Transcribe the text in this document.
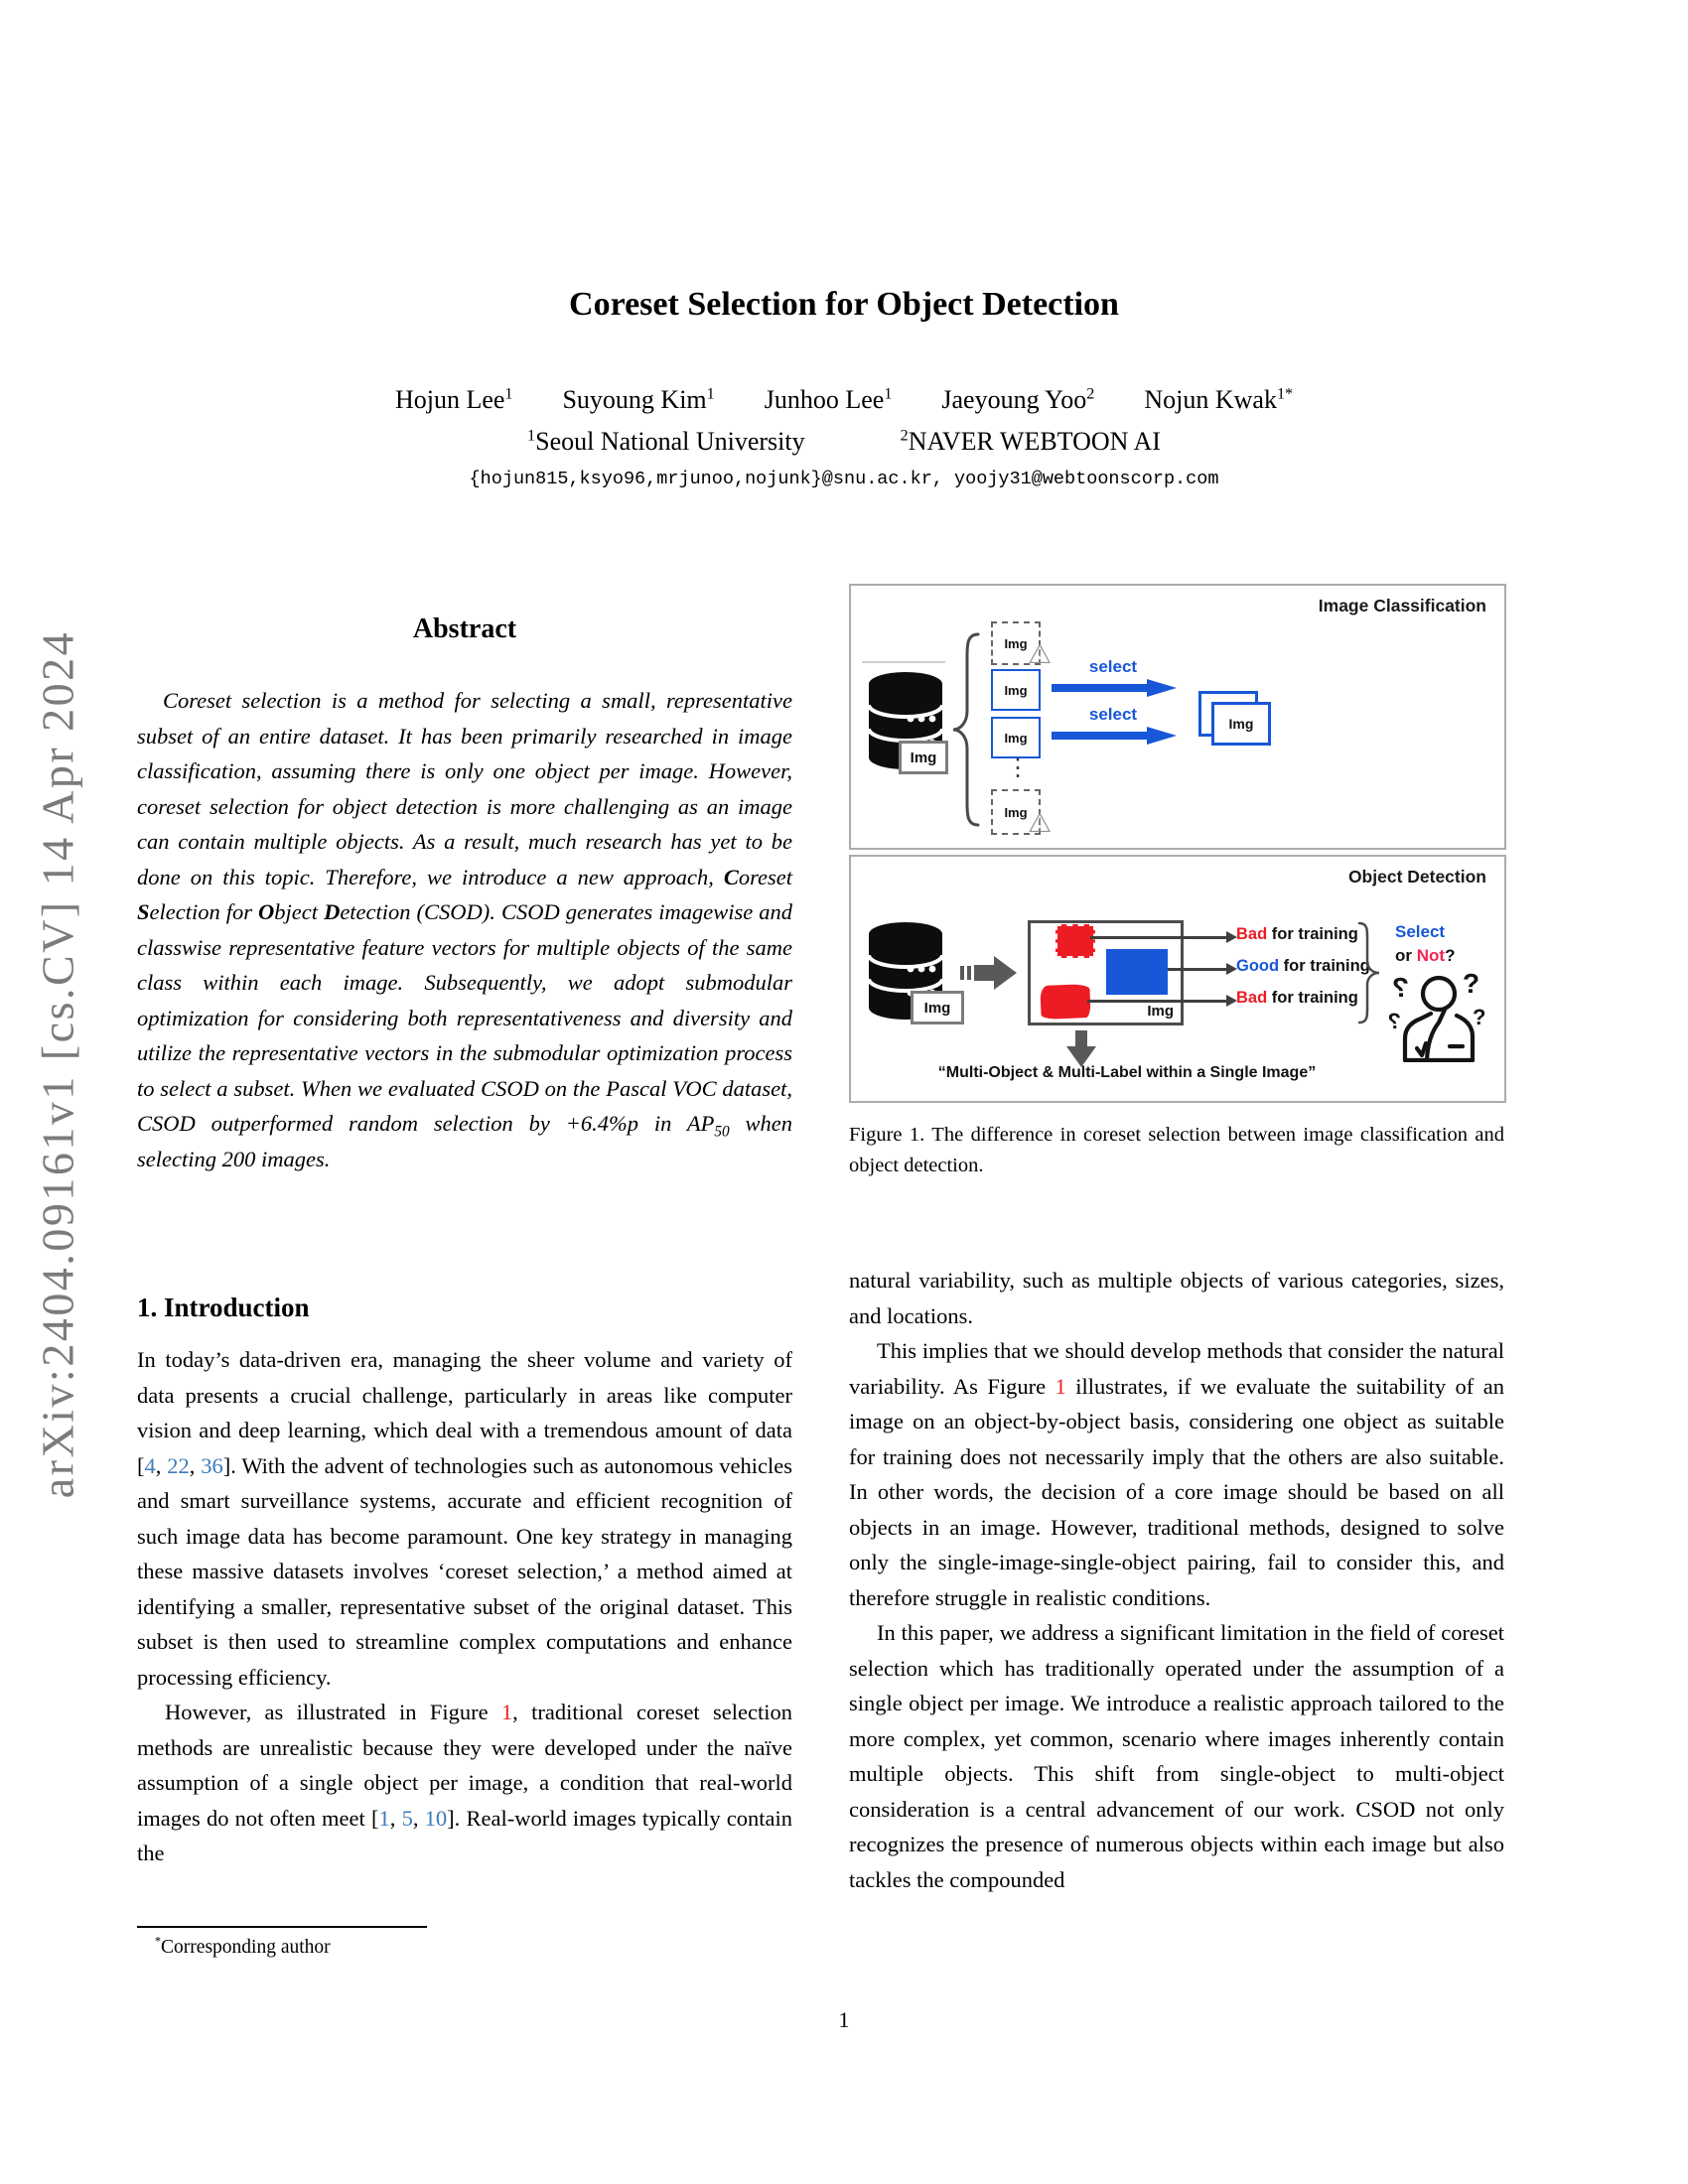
arXiv:2404.09161v1 [cs.CV] 14 Apr 2024
Coreset Selection for Object Detection
Hojun Lee$^1$ Suyoung Kim$^1$ Junhoo Lee$^1$ Jaeyoung Yoo$^2$ Nojun Kwak$^{1*}$
$^1$Seoul National University	$^2$NAVER WEBTOON AI
{hojun815,ksyo96,mrjunoo,nojunk}@snu.ac.kr, yoojy31@webtoonscorp.com
Abstract
Coreset selection is a method for selecting a small, representative subset of an entire dataset. It has been primarily researched in image classification, assuming there is only one object per image. However, coreset selection for object detection is more challenging as an image can contain multiple objects. As a result, much research has yet to be done on this topic. Therefore, we introduce a new approach, Coreset Selection for Object Detection (CSOD). CSOD generates imagewise and classwise representative feature vectors for multiple objects of the same class within each image. Subsequently, we adopt submodular optimization for considering both representativeness and diversity and utilize the representative vectors in the submodular optimization process to select a subset. When we evaluated CSOD on the Pascal VOC dataset, CSOD outperformed random selection by +6.4%p in $AP_{50}$ when selecting 200 images.
1. Introduction

In today’s data-driven era, managing the sheer volume and variety of data presents a crucial challenge, particularly in areas like computer vision and deep learning, which deal with a tremendous amount of data [4, 22, 36]. With the advent of technologies such as autonomous vehicles and smart surveillance systems, accurate and efficient recognition of such image data has become paramount. One key strategy in managing these massive datasets involves ‘coreset selection,’ a method aimed at identifying a smaller, representative subset of the original dataset. This subset is then used to streamline complex computations and enhance processing efficiency.

However, as illustrated in Figure 1, traditional coreset selection methods are unrealistic because they were developed under the naïve assumption of a single object per image, a condition that real-world images do not often meet [1, 5, 10]. Real-world images typically contain the

*Corresponding author
Image Classification
Img
Img
Img
Img
⋮
Img
⚠
⚠
select
select	Img
Object Detection
Img	Img
Bad for training
Good for training
Bad for training
Select
or Not?
?
?
?
?
“Multi-Object & Multi-Label within a Single Image”
Figure 1. The difference in coreset selection between image classification and object detection.

natural variability, such as multiple objects of various categories, sizes, and locations.

This implies that we should develop methods that consider the natural variability. As Figure 1 illustrates, if we evaluate the suitability of an image on an object-by-object basis, considering one object as suitable for training does not necessarily imply that the others are also suitable. In other words, the decision of a core image should be based on all objects in an image. However, traditional methods, designed to solve only the single-image-single-object pairing, fail to consider this, and therefore struggle in realistic conditions.

In this paper, we address a significant limitation in the field of coreset selection which has traditionally operated under the assumption of a single object per image. We introduce a realistic approach tailored to the more complex, yet common, scenario where images inherently contain multiple objects. This shift from single-object to multi-object consideration is a central advancement of our work. CSOD not only recognizes the presence of numerous objects within each image but also tackles the compounded

1
